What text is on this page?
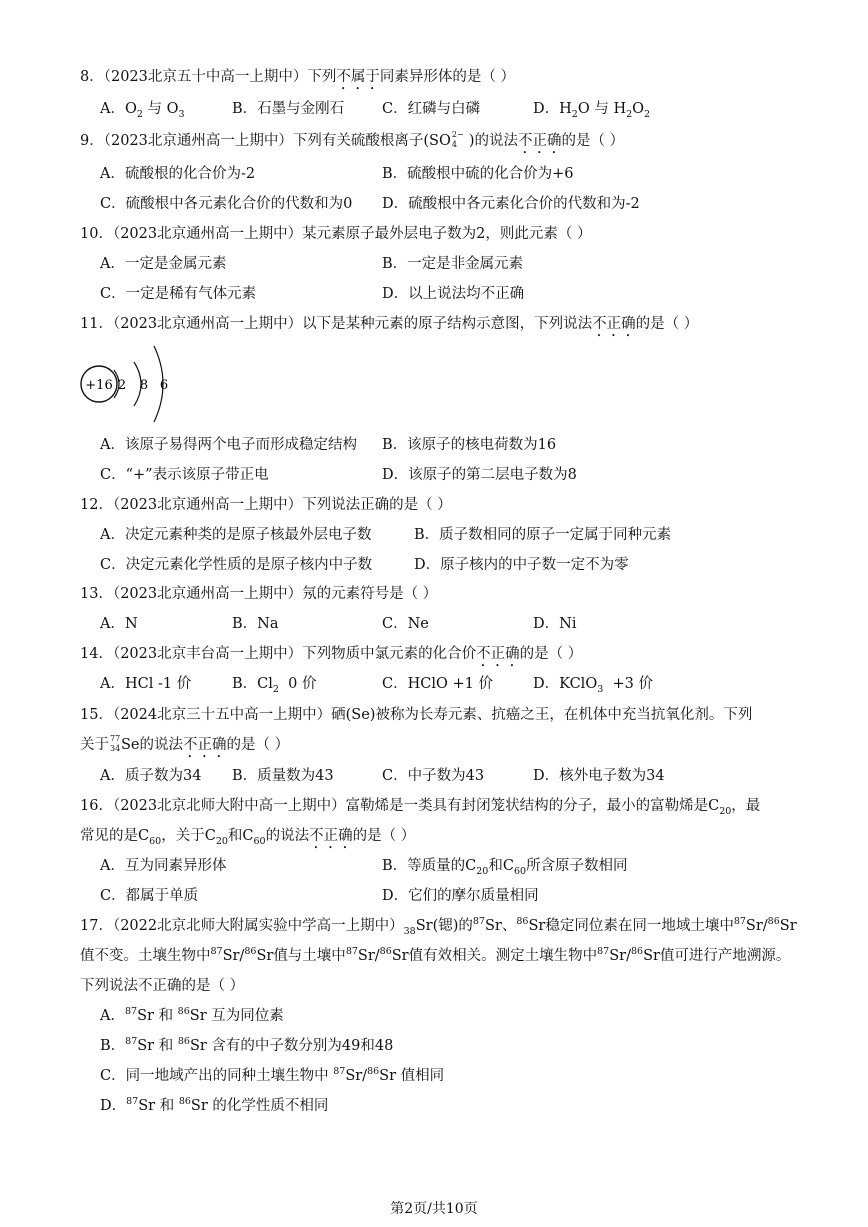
8．（2023北京五十中高一上期中）下列不属于同素异形体的是（ ）
A．$O_2$ 与 $O_3$	B．石墨与金刚石	C．红磷与白磷	D．$H_2O$ 与 $H_2O_2$
9．（2023北京通州高一上期中）下列有关硫酸根离子(SO 2−
4 )的说法不正确的是（ ）
A．硫酸根的化合价为-2	B．硫酸根中硫的化合价为+6
C．硫酸根中各元素化合价的代数和为0 D．硫酸根中各元素化合价的代数和为-2
10．（2023北京通州高一上期中）某元素原子最外层电子数为2，则此元素（ ）
A．一定是金属元素	B．一定是非金属元素
C．一定是稀有气体元素	D．以上说法均不正确
11．（2023北京通州高一上期中）以下是某种元素的原子结构示意图，下列说法不正确的是（ ）
+16 2 8 6
A．该原子易得两个电子而形成稳定结构 B．该原子的核电荷数为16
C．“+”表示该原子带正电	D．该原子的第二层电子数为8
12．（2023北京通州高一上期中）下列说法正确的是（ ）
A．决定元素种类的是原子核最外层电子数	B．质子数相同的原子一定属于同种元素
C．决定元素化学性质的是原子核内中子数	D．原子核内的中子数一定不为零
13．（2023北京通州高一上期中）氖的元素符号是（ ）
A．N	B．Na	C．Ne	D．Ni
14．（2023北京丰台高一上期中）下列物质中氯元素的化合价不正确的是（ ）
A．HCl -1 价	B．$Cl_2$ 0 价	C．HClO +1 价	D．KClO$_3$ +3 价
15．（2024北京三十五中高一上期中）硒(Se)被称为长寿元素、抗癌之王，在机体中充当抗氧化剂。下列
关于 77
34 Se的说法不正确的是（ ）
A．质子数为34 B．质量数为43	C．中子数为43	D．核外电子数为34
16．（2023北京北师大附中高一上期中）富勒烯是一类具有封闭笼状结构的分子，最小的富勒烯是$C_{20}$，最
常见的是$C_{60}$，关于$C_{20}$和$C_{60}$的说法不正确的是（ ）
A．互为同素异形体	B．等质量的$C_{20}$和$C_{60}$所含原子数相同
C．都属于单质	D．它们的摩尔质量相同
17．（2022北京北师大附属实验中学高一上期中）$_{38}Sr$(锶)的$^{87}$Sr、$^{86}$Sr稳定同位素在同一地域土壤中$^{87}$Sr/$^{86}$Sr
值不变。土壤生物中$^{87}$Sr/$^{86}$Sr值与土壤中$^{87}$Sr/$^{86}$Sr值有效相关。测定土壤生物中$^{87}$Sr/$^{86}$Sr值可进行产地溯源。
下列说法不正确的是（ ）
A．$^{87}$Sr 和 $^{86}$Sr 互为同位素
B．$^{87}$Sr 和 $^{86}$Sr 含有的中子数分别为49和48
C．同一地域产出的同种土壤生物中 $^{87}$Sr/$^{86}$Sr 值相同
D．$^{87}$Sr 和 $^{86}$Sr 的化学性质不相同
第2页/共10页
